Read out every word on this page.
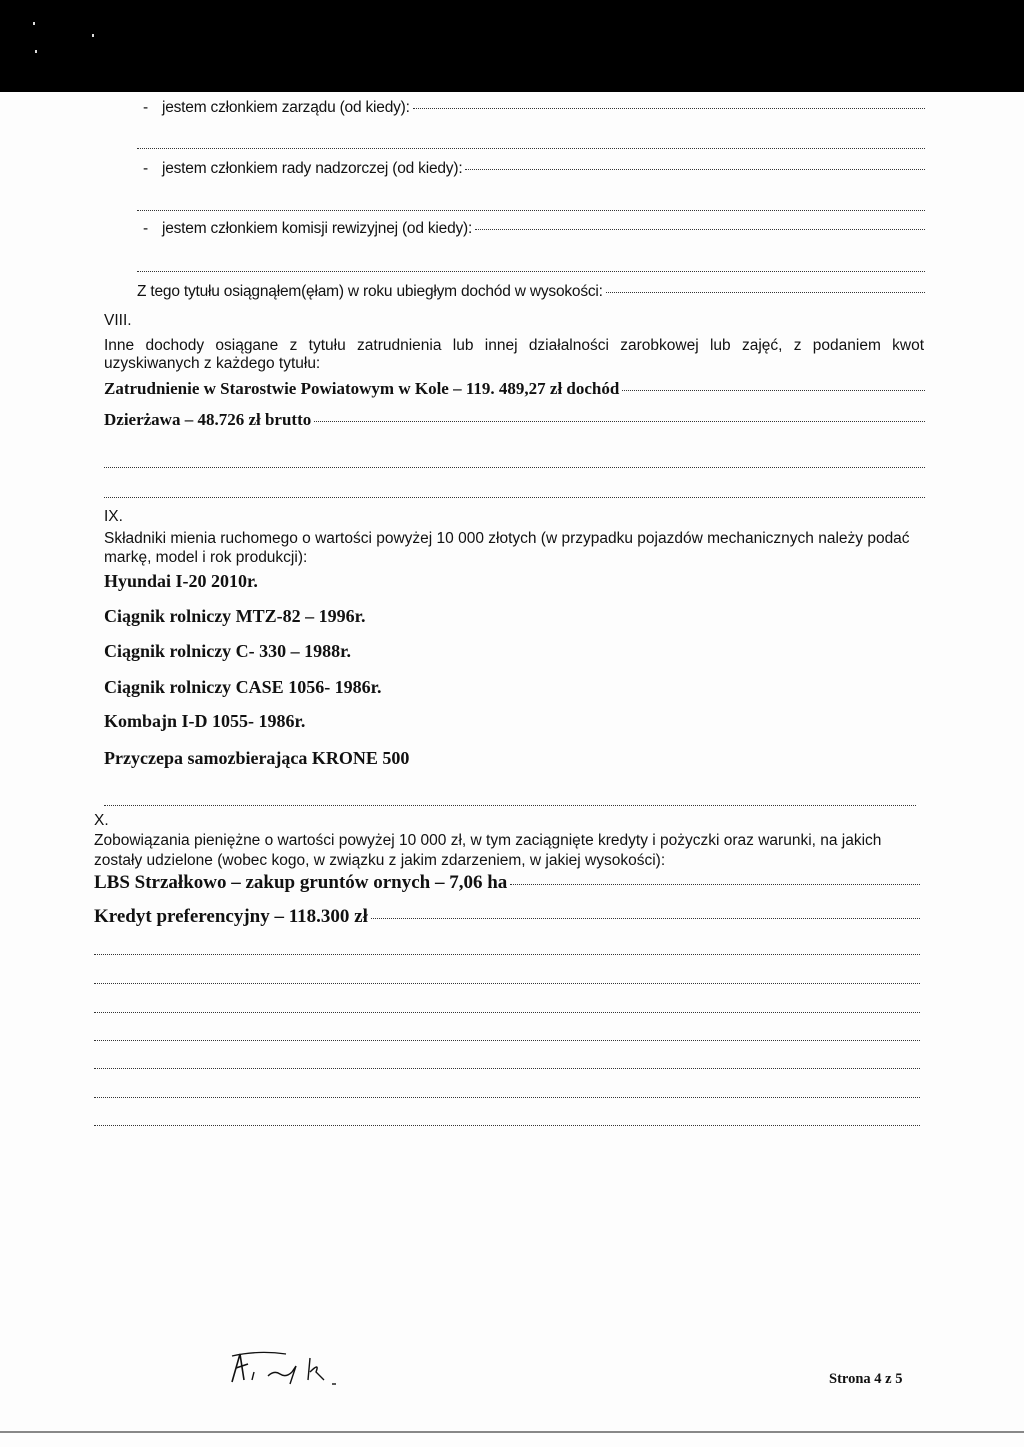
- jestem członkiem zarządu (od kiedy):
- jestem członkiem rady nadzorczej (od kiedy):
- jestem członkiem komisji rewizyjnej (od kiedy):
Z tego tytułu osiągnąłem(ęłam) w roku ubiegłym dochód w wysokości:
VIII.
Inne dochody osiągane z tytułu zatrudnienia lub innej działalności zarobkowej lub zajęć, z podaniem kwot
uzyskiwanych z każdego tytułu:
Zatrudnienie w Starostwie Powiatowym w Kole – 119. 489,27 zł dochód
Dzierżawa – 48.726 zł brutto
IX.
Składniki mienia ruchomego o wartości powyżej 10 000 złotych (w przypadku pojazdów mechanicznych należy podać
markę, model i rok produkcji):
Hyundai I-20 2010r.
Ciągnik rolniczy MTZ-82 – 1996r.
Ciągnik rolniczy C- 330 – 1988r.
Ciągnik rolniczy CASE 1056- 1986r.
Kombajn I-D 1055- 1986r.
Przyczepa samozbierająca KRONE 500
X.
Zobowiązania pieniężne o wartości powyżej 10 000 zł, w tym zaciągnięte kredyty i pożyczki oraz warunki, na jakich
zostały udzielone (wobec kogo, w związku z jakim zdarzeniem, w jakiej wysokości):
LBS Strzałkowo – zakup gruntów ornych – 7,06 ha
Kredyt preferencyjny – 118.300 zł
Strona 4 z 5
